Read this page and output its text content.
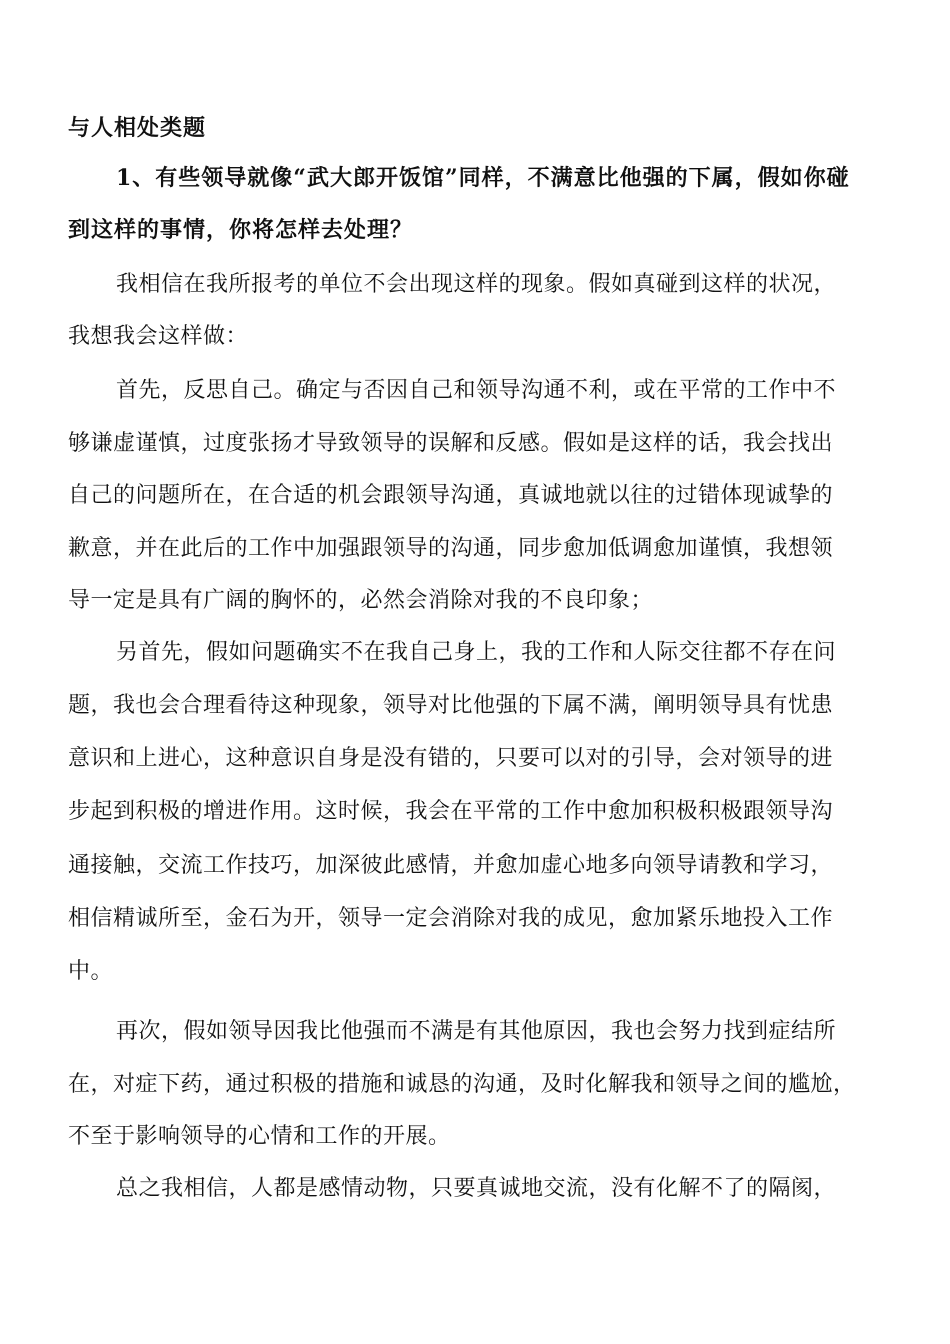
与人相处类题
1、有些领导就像“武大郎开饭馆”同样，不满意比他强的下属，假如你碰
到这样的事情，你将怎样去处理？
我相信在我所报考的单位不会出现这样的现象。假如真碰到这样的状况，
我想我会这样做：
首先，反思自己。确定与否因自己和领导沟通不利，或在平常的工作中不
够谦虚谨慎，过度张扬才导致领导的误解和反感。假如是这样的话，我会找出
自己的问题所在，在合适的机会跟领导沟通，真诚地就以往的过错体现诚挚的
歉意，并在此后的工作中加强跟领导的沟通，同步愈加低调愈加谨慎，我想领
导一定是具有广阔的胸怀的，必然会消除对我的不良印象；
另首先，假如问题确实不在我自己身上，我的工作和人际交往都不存在问
题，我也会合理看待这种现象，领导对比他强的下属不满，阐明领导具有忧患
意识和上进心，这种意识自身是没有错的，只要可以对的引导，会对领导的进
步起到积极的增进作用。这时候，我会在平常的工作中愈加积极积极跟领导沟
通接触，交流工作技巧，加深彼此感情，并愈加虚心地多向领导请教和学习，
相信精诚所至，金石为开，领导一定会消除对我的成见，愈加紧乐地投入工作
中。
再次，假如领导因我比他强而不满是有其他原因，我也会努力找到症结所
在，对症下药，通过积极的措施和诚恳的沟通，及时化解我和领导之间的尴尬，
不至于影响领导的心情和工作的开展。
总之我相信，人都是感情动物，只要真诚地交流，没有化解不了的隔阂，
